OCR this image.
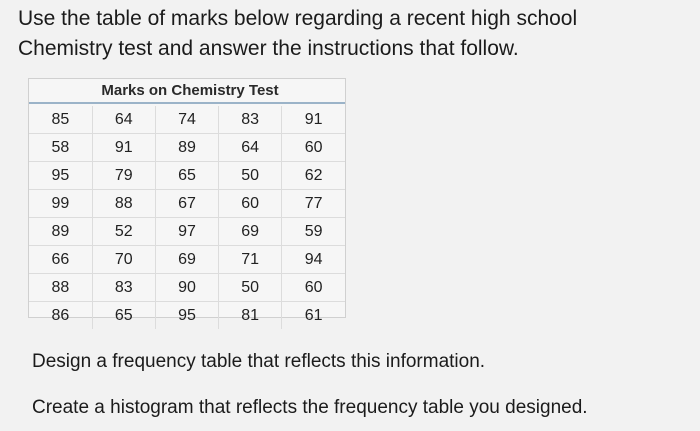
Use the table of marks below regarding a recent high school
Chemistry test and answer the instructions that follow.
Marks on Chemistry Test
85	64	74	83	91
58	91	89	64	60
95	79	65	50	62
99	88	67	60	77
89	52	97	69	59
66	70	69	71	94
88	83	90	50	60
86	65	95	81	61
Design a frequency table that reflects this information.
Create a histogram that reflects the frequency table you designed.
